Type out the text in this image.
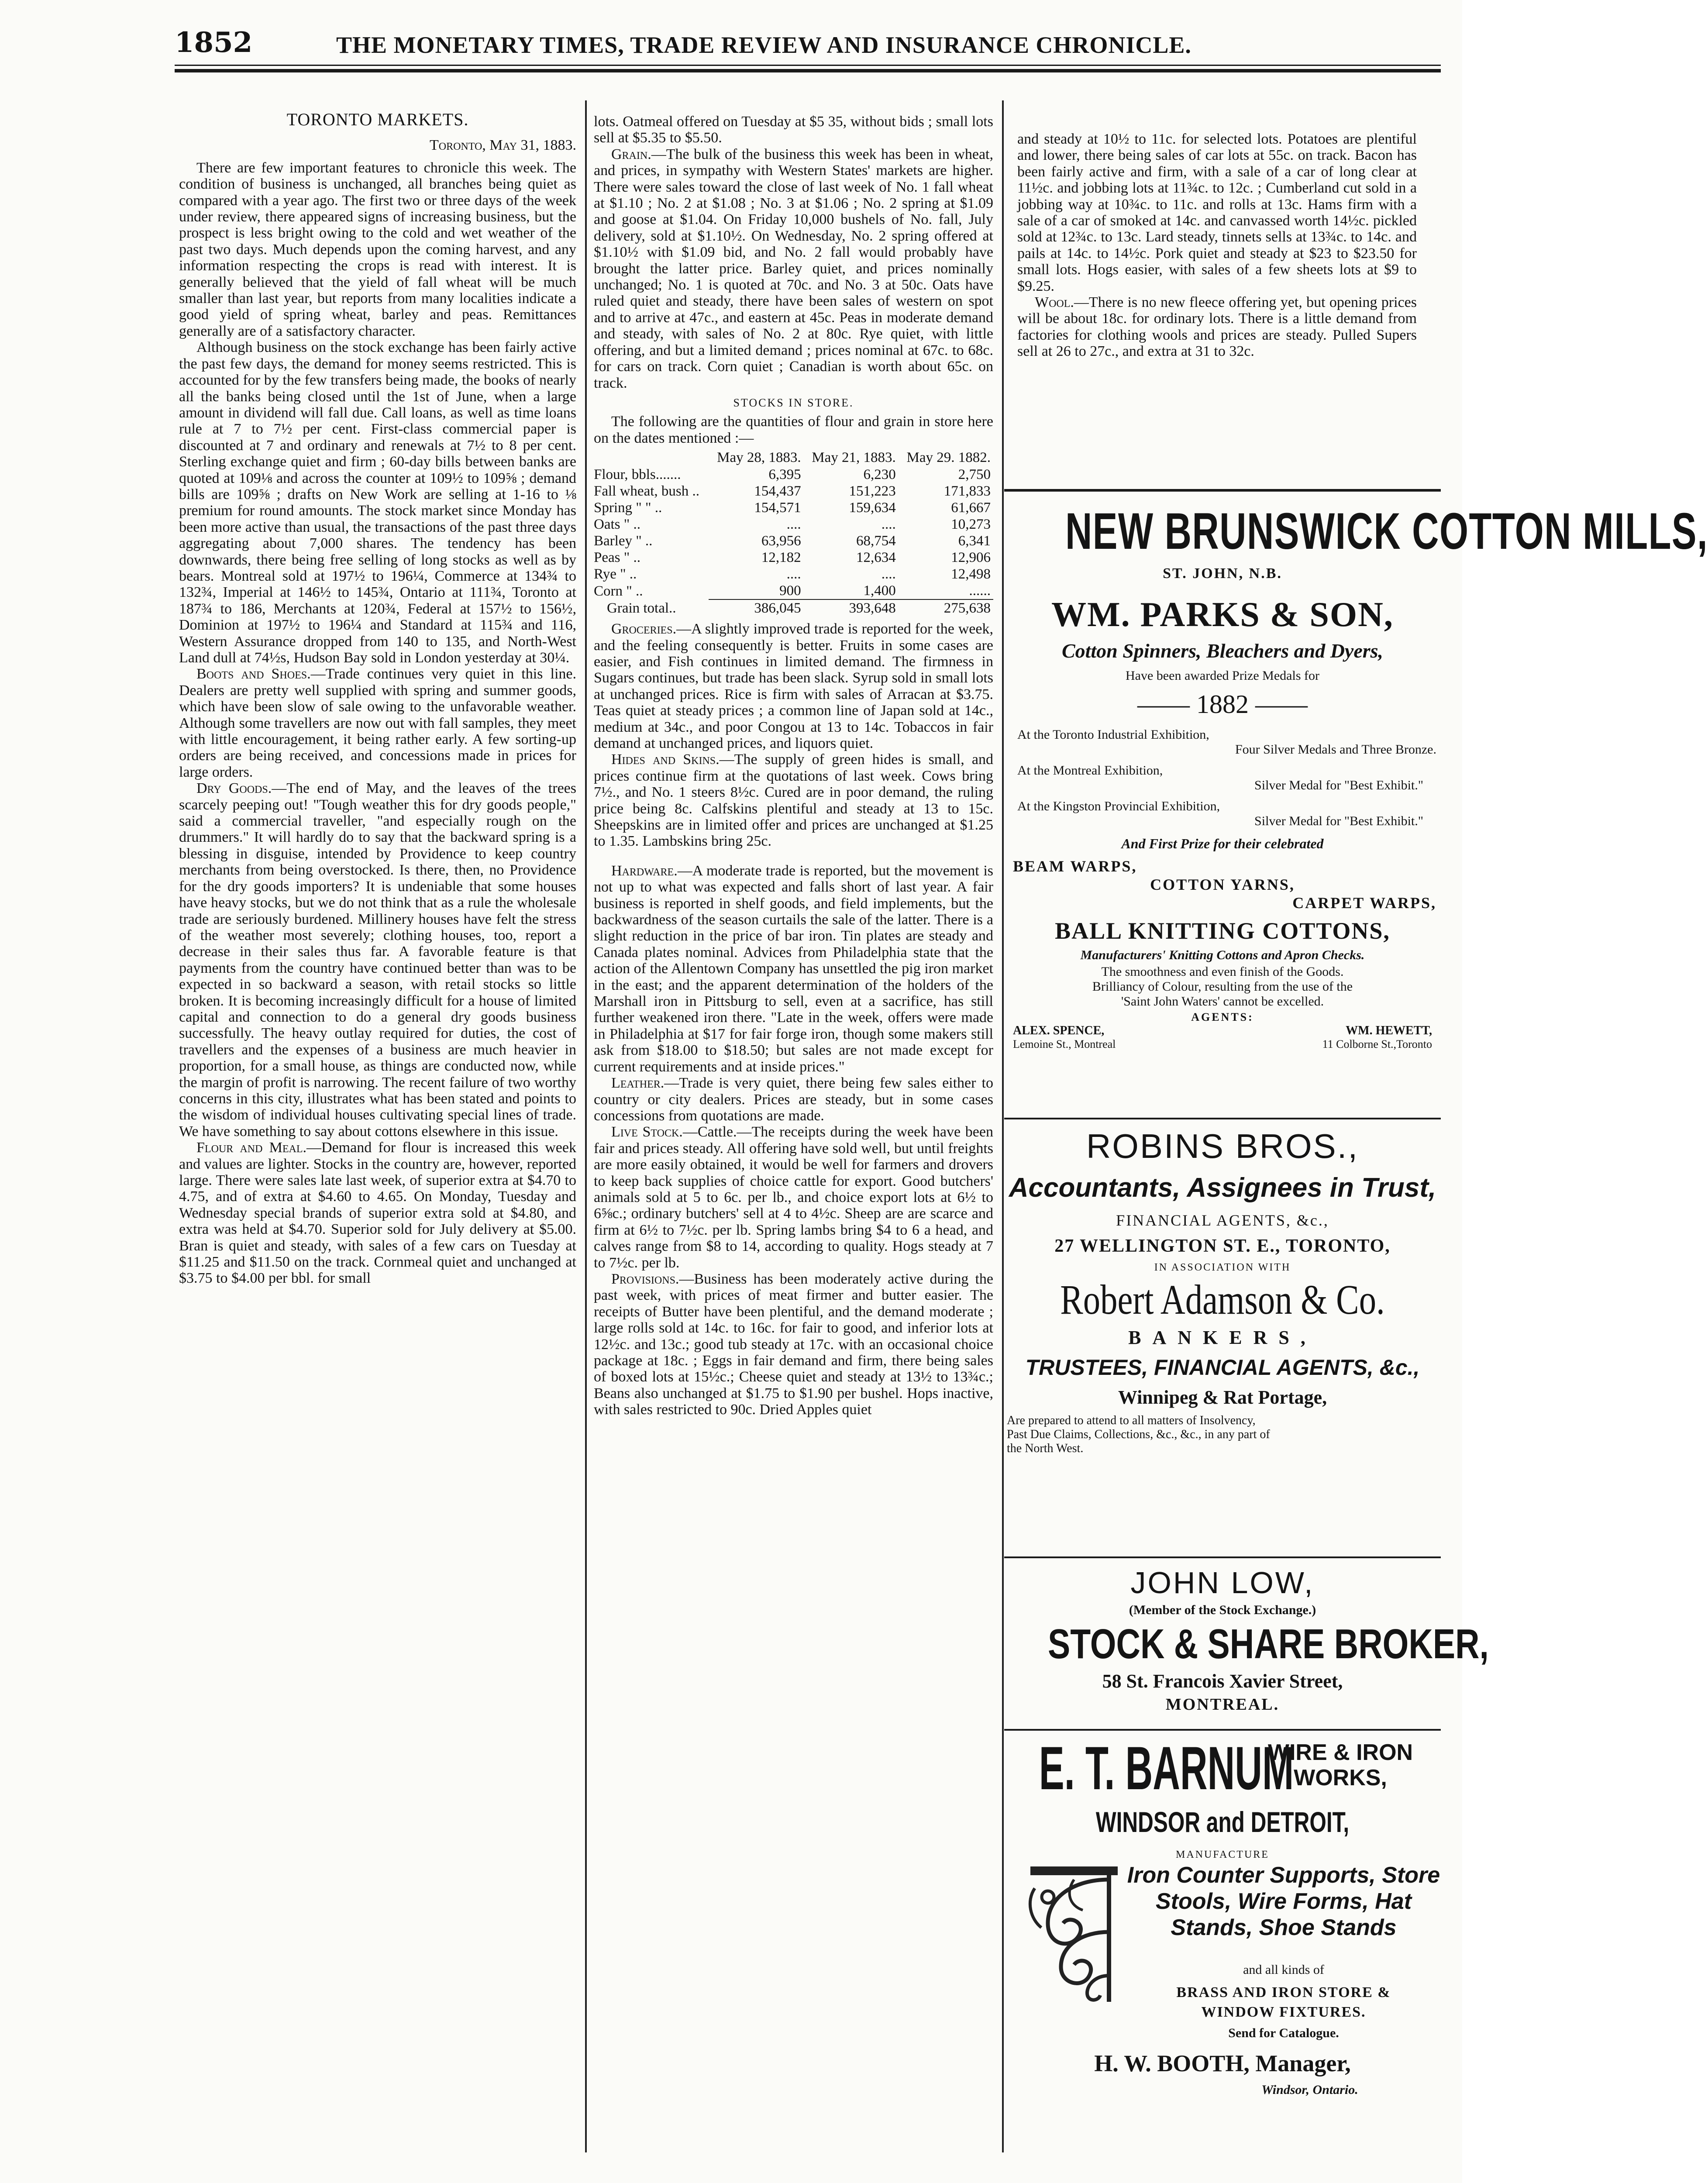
1852	THE MONETARY TIMES, TRADE REVIEW AND INSURANCE CHRONICLE.

TORONTO MARKETS.

Toronto, May 31, 1883.

There are few important features to chronicle this week. The condition of business is unchanged, all branches being quiet as compared with a year ago. The first two or three days of the week under review, there appeared signs of increasing business, but the prospect is less bright owing to the cold and wet weather of the past two days. Much depends upon the coming harvest, and any information respecting the crops is read with interest. It is generally believed that the yield of fall wheat will be much smaller than last year, but reports from many localities indicate a good yield of spring wheat, barley and peas. Remittances generally are of a satisfactory character.

Although business on the stock exchange has been fairly active the past few days, the demand for money seems restricted. This is accounted for by the few transfers being made, the books of nearly all the banks being closed until the 1st of June, when a large amount in dividend will fall due. Call loans, as well as time loans rule at 7 to 7½ per cent. First-class commercial paper is discounted at 7 and ordinary and renewals at 7½ to 8 per cent. Sterling exchange quiet and firm ; 60-day bills between banks are quoted at 109⅛ and across the counter at 109½ to 109⅝ ; demand bills are 109⅝ ; drafts on New Work are selling at 1-16 to ⅛ premium for round amounts. The stock market since Monday has been more active than usual, the transactions of the past three days aggregating about 7,000 shares. The tendency has been downwards, there being free selling of long stocks as well as by bears. Montreal sold at 197½ to 196¼, Commerce at 134¾ to 132¾, Imperial at 146½ to 145¾, Ontario at 111¾, Toronto at 187¾ to 186, Merchants at 120¾, Federal at 157½ to 156½, Dominion at 197½ to 196¼ and Standard at 115¾ and 116, Western Assurance dropped from 140 to 135, and North-West Land dull at 74½s, Hudson Bay sold in London yesterday at 30¼.

Boots and Shoes.—Trade continues very quiet in this line. Dealers are pretty well supplied with spring and summer goods, which have been slow of sale owing to the unfavorable weather. Although some travellers are now out with fall samples, they meet with little encouragement, it being rather early. A few sorting-up orders are being received, and concessions made in prices for large orders.

Dry Goods.—The end of May, and the leaves of the trees scarcely peeping out! "Tough weather this for dry goods people," said a commercial traveller, "and especially rough on the drummers." It will hardly do to say that the backward spring is a blessing in disguise, intended by Providence to keep country merchants from being overstocked. Is there, then, no Providence for the dry goods importers? It is undeniable that some houses have heavy stocks, but we do not think that as a rule the wholesale trade are seriously burdened. Millinery houses have felt the stress of the weather most severely; clothing houses, too, report a decrease in their sales thus far. A favorable feature is that payments from the country have continued better than was to be expected in so backward a season, with retail stocks so little broken. It is becoming increasingly difficult for a house of limited capital and connection to do a general dry goods business successfully. The heavy outlay required for duties, the cost of travellers and the expenses of a business are much heavier in proportion, for a small house, as things are conducted now, while the margin of profit is narrowing. The recent failure of two worthy concerns in this city, illustrates what has been stated and points to the wisdom of individual houses cultivating special lines of trade. We have something to say about cottons elsewhere in this issue.

Flour and Meal.—Demand for flour is increased this week and values are lighter. Stocks in the country are, however, reported large. There were sales late last week, of superior extra at $4.70 to 4.75, and of extra at $4.60 to 4.65. On Monday, Tuesday and Wednesday special brands of superior extra sold at $4.80, and extra was held at $4.70. Superior sold for July delivery at $5.00. Bran is quiet and steady, with sales of a few cars on Tuesday at $11.25 and $11.50 on the track. Cornmeal quiet and unchanged at $3.75 to $4.00 per bbl. for small

lots. Oatmeal offered on Tuesday at $5 35, without bids ; small lots sell at $5.35 to $5.50.

Grain.—The bulk of the business this week has been in wheat, and prices, in sympathy with Western States' markets are higher. There were sales toward the close of last week of No. 1 fall wheat at $1.10 ; No. 2 at $1.08 ; No. 3 at $1.06 ; No. 2 spring at $1.09 and goose at $1.04. On Friday 10,000 bushels of No. fall, July delivery, sold at $1.10½. On Wednesday, No. 2 spring offered at $1.10½ with $1.09 bid, and No. 2 fall would probably have brought the latter price. Barley quiet, and prices nominally unchanged; No. 1 is quoted at 70c. and No. 3 at 50c. Oats have ruled quiet and steady, there have been sales of western on spot and to arrive at 47c., and eastern at 45c. Peas in moderate demand and steady, with sales of No. 2 at 80c. Rye quiet, with little offering, and but a limited demand ; prices nominal at 67c. to 68c. for cars on track. Corn quiet ; Canadian is worth about 65c. on track.

STOCKS IN STORE.

The following are the quantities of flour and grain in store here on the dates mentioned :—

	May 28, 1883.	May 21, 1883.	May 29. 1882.
Flour, bbls.......	6,395	6,230	2,750
Fall wheat, bush ..	154,437	151,223	171,833
Spring " " ..	154,571	159,634	61,667
Oats " ..	....	....	10,273
Barley " ..	63,956	68,754	6,341
Peas " ..	12,182	12,634	12,906
Rye " ..	....	....	12,498
Corn " ..	900	1,400	......
Grain total..	386,045	393,648	275,638

Groceries.—A slightly improved trade is reported for the week, and the feeling consequently is better. Fruits in some cases are easier, and Fish continues in limited demand. The firmness in Sugars continues, but trade has been slack. Syrup sold in small lots at unchanged prices. Rice is firm with sales of Arracan at $3.75. Teas quiet at steady prices ; a common line of Japan sold at 14c., medium at 34c., and poor Congou at 13 to 14c. Tobaccos in fair demand at unchanged prices, and liquors quiet.

Hides and Skins.—The supply of green hides is small, and prices continue firm at the quotations of last week. Cows bring 7½., and No. 1 steers 8½c. Cured are in poor demand, the ruling price being 8c. Calfskins plentiful and steady at 13 to 15c. Sheepskins are in limited offer and prices are unchanged at $1.25 to 1.35. Lambskins bring 25c.

Hardware.—A moderate trade is reported, but the movement is not up to what was expected and falls short of last year. A fair business is reported in shelf goods, and field implements, but the backwardness of the season curtails the sale of the latter. There is a slight reduction in the price of bar iron. Tin plates are steady and Canada plates nominal. Advices from Philadelphia state that the action of the Allentown Company has unsettled the pig iron market in the east; and the apparent determination of the holders of the Marshall iron in Pittsburg to sell, even at a sacrifice, has still further weakened iron there. "Late in the week, offers were made in Philadelphia at $17 for fair forge iron, though some makers still ask from $18.00 to $18.50; but sales are not made except for current requirements and at inside prices."

Leather.—Trade is very quiet, there being few sales either to country or city dealers. Prices are steady, but in some cases concessions from quotations are made.

Live Stock.—Cattle.—The receipts during the week have been fair and prices steady. All offering have sold well, but until freights are more easily obtained, it would be well for farmers and drovers to keep back supplies of choice cattle for export. Good butchers' animals sold at 5 to 6c. per lb., and choice export lots at 6½ to 6⅝c.; ordinary butchers' sell at 4 to 4½c. Sheep are are scarce and firm at 6½ to 7½c. per lb. Spring lambs bring $4 to 6 a head, and calves range from $8 to 14, according to quality. Hogs steady at 7 to 7½c. per lb.

Provisions.—Business has been moderately active during the past week, with prices of meat firmer and butter easier. The receipts of Butter have been plentiful, and the demand moderate ; large rolls sold at 14c. to 16c. for fair to good, and inferior lots at 12½c. and 13c.; good tub steady at 17c. with an occasional choice package at 18c. ; Eggs in fair demand and firm, there being sales of boxed lots at 15½c.; Cheese quiet and steady at 13½ to 13¾c.; Beans also unchanged at $1.75 to $1.90 per bushel. Hops inactive, with sales restricted to 90c. Dried Apples quiet

and steady at 10½ to 11c. for selected lots. Potatoes are plentiful and lower, there being sales of car lots at 55c. on track. Bacon has been fairly active and firm, with a sale of a car of long clear at 11½c. and jobbing lots at 11¾c. to 12c. ; Cumberland cut sold in a jobbing way at 10¾c. to 11c. and rolls at 13c. Hams firm with a sale of a car of smoked at 14c. and canvassed worth 14½c. pickled sold at 12¾c. to 13c. Lard steady, tinnets sells at 13¾c. to 14c. and pails at 14c. to 14½c. Pork quiet and steady at $23 to $23.50 for small lots. Hogs easier, with sales of a few sheets lots at $9 to $9.25.

Wool.—There is no new fleece offering yet, but opening prices will be about 18c. for ordinary lots. There is a little demand from factories for clothing wools and prices are steady. Pulled Supers sell at 26 to 27c., and extra at 31 to 32c.

NEW BRUNSWICK COTTON MILLS,
ST. JOHN, N.B.
WM. PARKS & SON,
Cotton Spinners, Bleachers and Dyers,
Have been awarded Prize Medals for
—— 1882 ——
At the Toronto Industrial Exhibition,
Four Silver Medals and Three Bronze.
At the Montreal Exhibition,
Silver Medal for "Best Exhibit."
At the Kingston Provincial Exhibition,
Silver Medal for "Best Exhibit."
And First Prize for their celebrated
BEAM WARPS,
COTTON YARNS,
CARPET WARPS,
BALL KNITTING COTTONS,
Manufacturers' Knitting Cottons and Apron Checks.
The smoothness and even finish of the Goods.
Brilliancy of Colour, resulting from the use of the
'Saint John Waters' cannot be excelled.
AGENTS:
ALEX. SPENCE,	WM. HEWETT,
Lemoine St., Montreal	11 Colborne St.,Toronto
ROBINS BROS.,
Accountants, Assignees in Trust,
FINANCIAL AGENTS, &c.,
27 WELLINGTON ST. E., TORONTO,
IN ASSOCIATION WITH
Robert Adamson & Co.
BANKERS,
TRUSTEES, FINANCIAL AGENTS, &c.,
Winnipeg & Rat Portage,
Are prepared to attend to all matters of Insolvency,
Past Due Claims, Collections, &c., &c., in any part of
the North West.
JOHN LOW,
(Member of the Stock Exchange.)
STOCK & SHARE BROKER,
58 St. Francois Xavier Street,
MONTREAL.
E. T. BARNUM
WIRE & IRON
WORKS,
WINDSOR and DETROIT,
MANUFACTURE
Iron Counter Supports, Store
Stools, Wire Forms, Hat
Stands, Shoe Stands
and all kinds of
BRASS AND IRON STORE &
WINDOW FIXTURES.
Send for Catalogue.
H. W. BOOTH, Manager,
Windsor, Ontario.
